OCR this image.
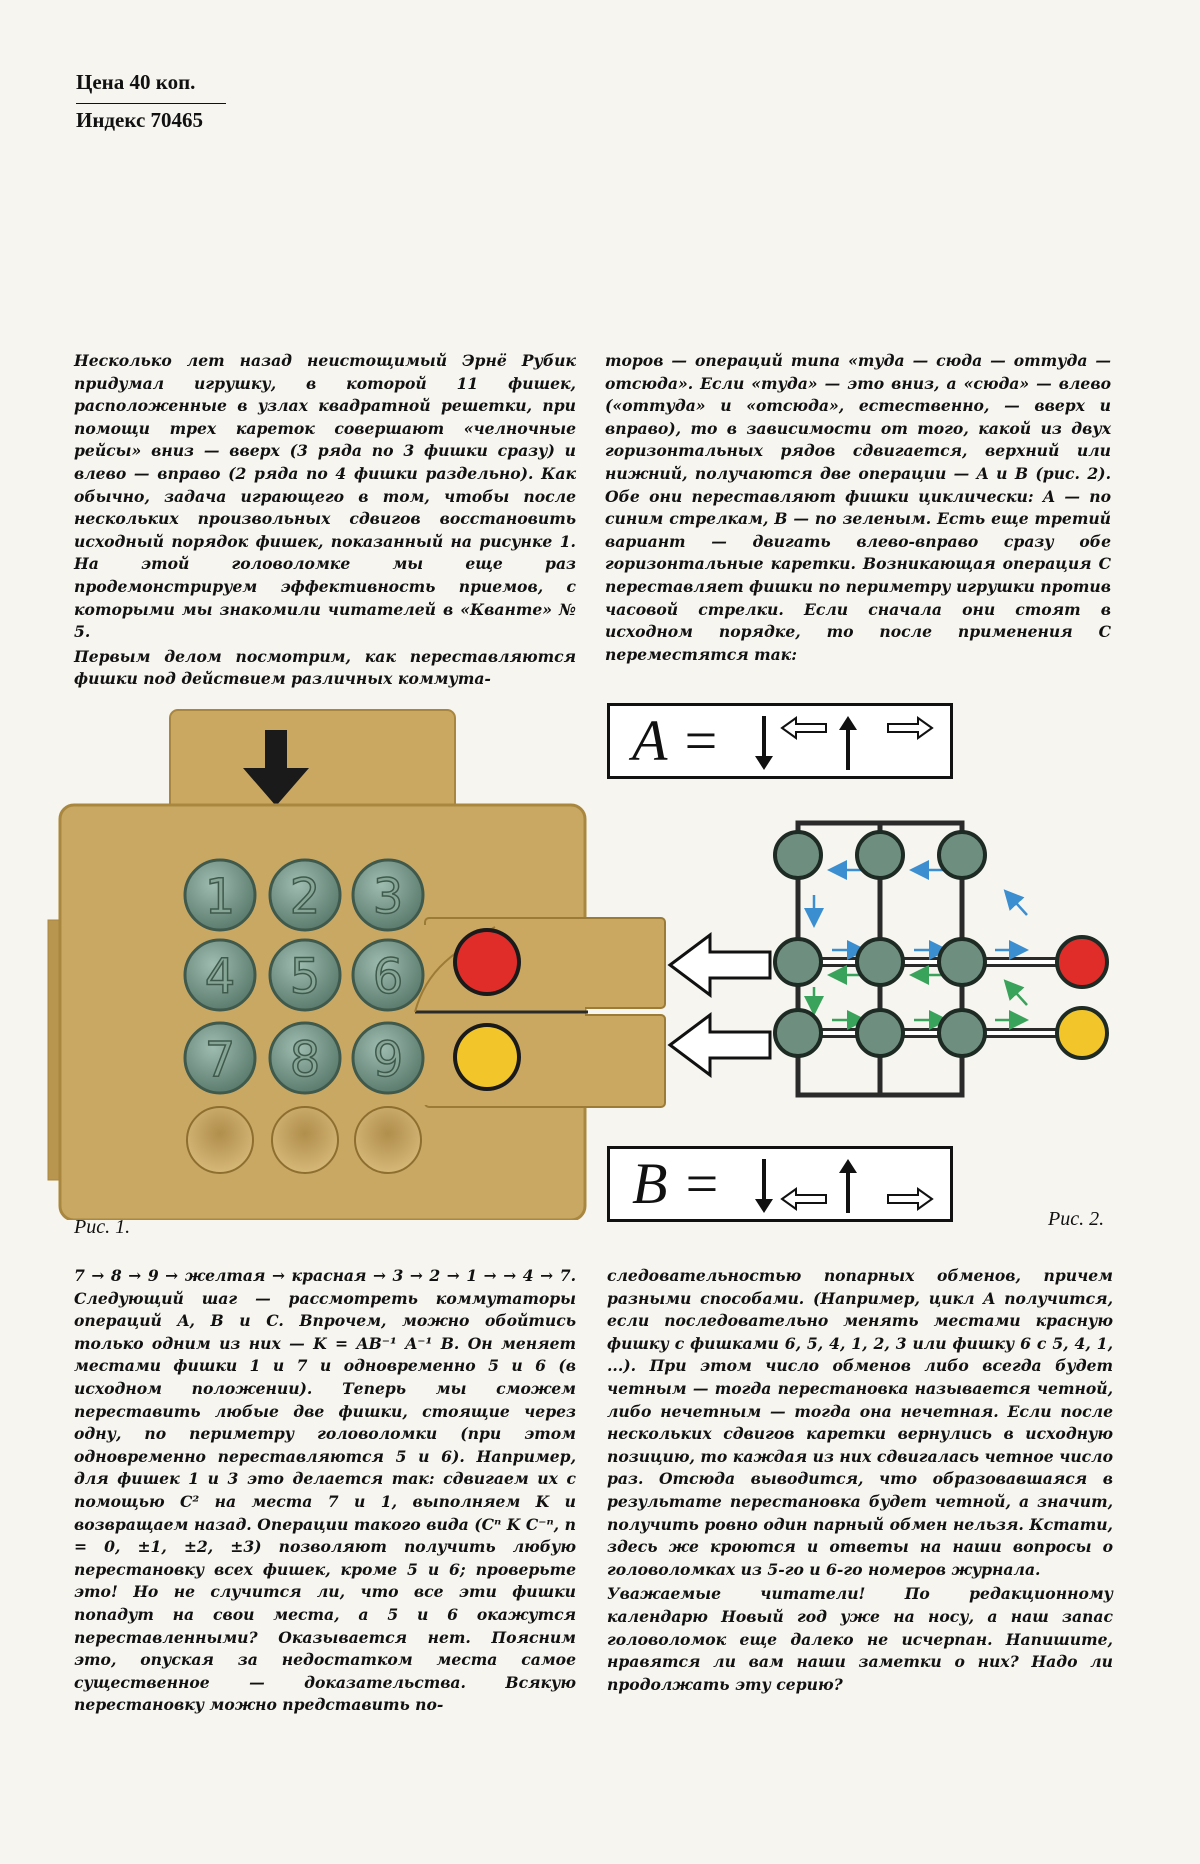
Цена 40 коп.
Индекс 70465

Несколько лет назад неистощимый Эрнё Рубик придумал игрушку, в которой 11 фишек, расположенные в узлах квадратной решетки, при помощи трех кареток совершают «челночные рейсы» вниз — вверх (3 ряда по 3 фишки сразу) и влево — вправо (2 ряда по 4 фишки раздельно). Как обычно, задача играющего в том, чтобы после нескольких произвольных сдвигов восстановить исходный порядок фишек, показанный на рисунке 1. На этой головоломке мы еще раз продемонстрируем эффективность приемов, с которыми мы знакомили читателей в «Кванте» № 5.

Первым делом посмотрим, как переставляются фишки под действием различных коммута-

торов — операций типа «туда — сюда — оттуда — отсюда». Если «туда» — это вниз, а «сюда» — влево («оттуда» и «отсюда», естественно, — вверх и вправо), то в зависимости от того, какой из двух горизонтальных рядов сдвигается, верхний или нижний, получаются две операции — A и B (рис. 2). Обе они переставляют фишки циклически: A — по синим стрелкам, B — по зеленым. Есть еще третий вариант — двигать влево-вправо сразу обе горизонтальные каретки. Возникающая операция C переставляет фишки по периметру игрушки против часовой стрелки. Если сначала они стоят в исходном порядке, то после применения C переместятся так:

1 2 3
4 5 6
7 8 9
Рис. 1.
A =
B =
Рис. 2.

7 → 8 → 9 → желтая → красная → 3 → 2 → 1 → → 4 → 7. Следующий шаг — рассмотреть коммутаторы операций A, B и C. Впрочем, можно обойтись только одним из них — K = AB⁻¹ A⁻¹ B. Он меняет местами фишки 1 и 7 и одновременно 5 и 6 (в исходном положении). Теперь мы сможем переставить любые две фишки, стоящие через одну, по периметру головоломки (при этом одновременно переставляются 5 и 6). Например, для фишек 1 и 3 это делается так: сдвигаем их с помощью C² на места 7 и 1, выполняем K и возвращаем назад. Операции такого вида (Cⁿ K C⁻ⁿ, n = 0, ±1, ±2, ±3) позволяют получить любую перестановку всех фишек, кроме 5 и 6; проверьте это! Но не случится ли, что все эти фишки попадут на свои места, а 5 и 6 окажутся переставленными? Оказывается нет. Поясним это, опуская за недостатком места самое существенное — доказательства. Всякую перестановку можно представить по-

следовательностью попарных обменов, причем разными способами. (Например, цикл A получится, если последовательно менять местами красную фишку с фишками 6, 5, 4, 1, 2, 3 или фишку 6 с 5, 4, 1, ...). При этом число обменов либо всегда будет четным — тогда перестановка называется четной, либо нечетным — тогда она нечетная. Если после нескольких сдвигов каретки вернулись в исходную позицию, то каждая из них сдвигалась четное число раз. Отсюда выводится, что образовавшаяся в результате перестановка будет четной, а значит, получить ровно один парный обмен нельзя. Кстати, здесь же кроются и ответы на наши вопросы о головоломках из 5-го и 6-го номеров журнала.

Уважаемые читатели! По редакционному календарю Новый год уже на носу, а наш запас головоломок еще далеко не исчерпан. Напишите, нравятся ли вам наши заметки о них? Надо ли продолжать эту серию?
